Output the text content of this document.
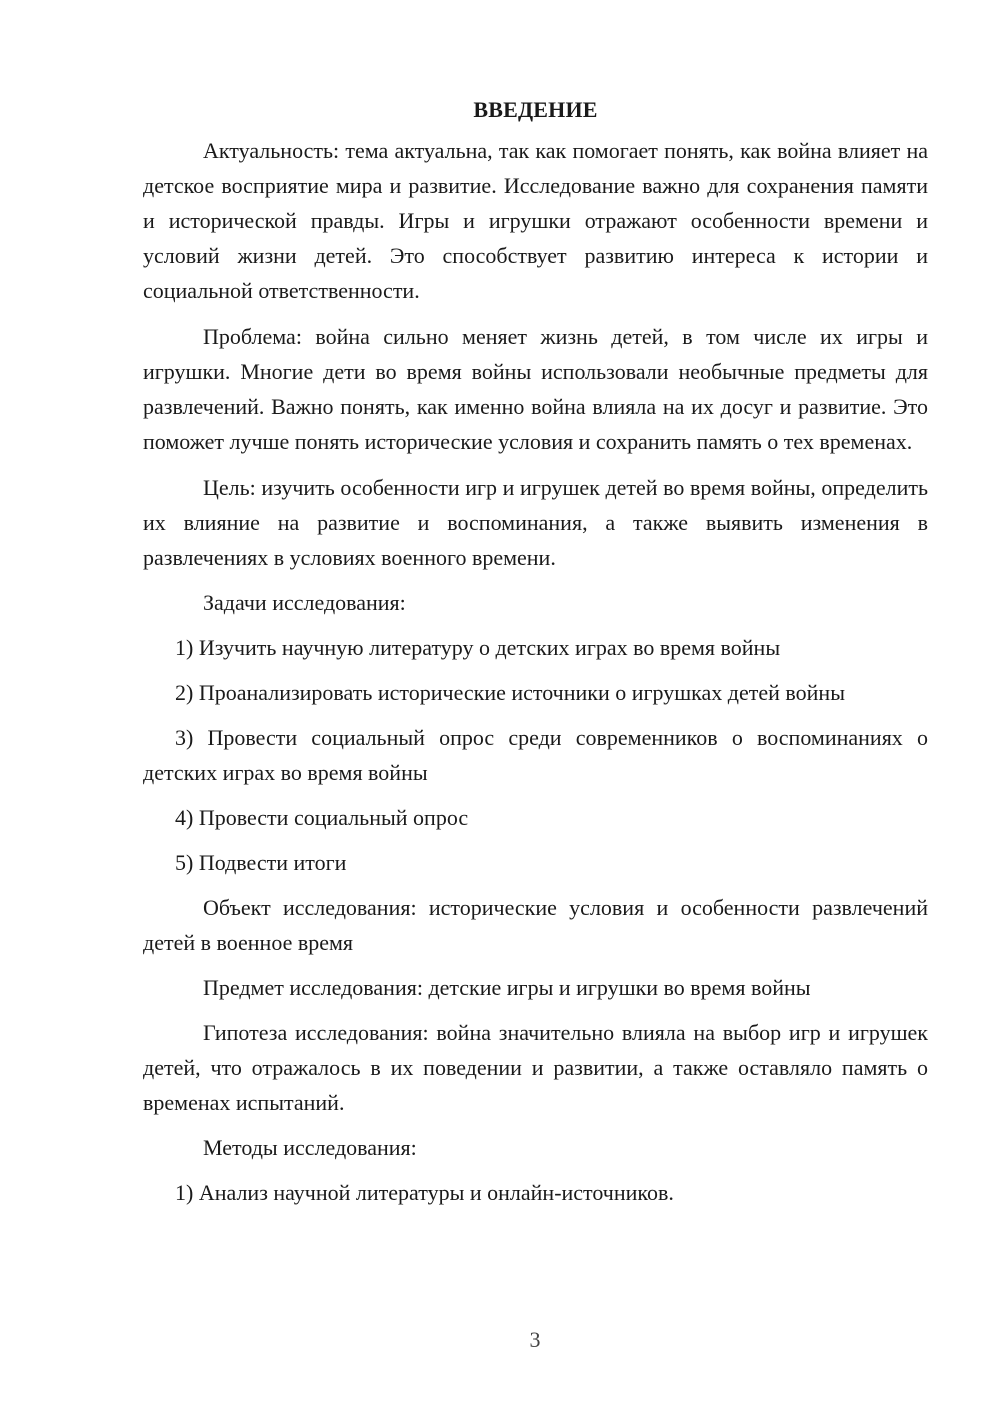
ВВЕДЕНИЕ

Актуальность: тема актуальна, так как помогает понять, как война влияет на детское восприятие мира и развитие. Исследование важно для сохранения памяти и исторической правды. Игры и игрушки отражают особенности времени и условий жизни детей. Это способствует развитию интереса к истории и социальной ответственности.

Проблема: война сильно меняет жизнь детей, в том числе их игры и игрушки. Многие дети во время войны использовали необычные предметы для развлечений. Важно понять, как именно война влияла на их досуг и развитие. Это поможет лучше понять исторические условия и сохранить память о тех временах.

Цель: изучить особенности игр и игрушек детей во время войны, определить их влияние на развитие и воспоминания, а также выявить изменения в развлечениях в условиях военного времени.

Задачи исследования:

1) Изучить научную литературу о детских играх во время войны

2) Проанализировать исторические источники о игрушках детей войны

3) Провести социальный опрос среди современников о воспоминаниях о детских играх во время войны

4) Провести социальный опрос

5) Подвести итоги

Объект исследования: исторические условия и особенности развлечений детей в военное время

Предмет исследования: детские игры и игрушки во время войны

Гипотеза исследования: война значительно влияла на выбор игр и игрушек детей, что отражалось в их поведении и развитии, а также оставляло память о временах испытаний.

Методы исследования:

1) Анализ научной литературы и онлайн-источников.

3
